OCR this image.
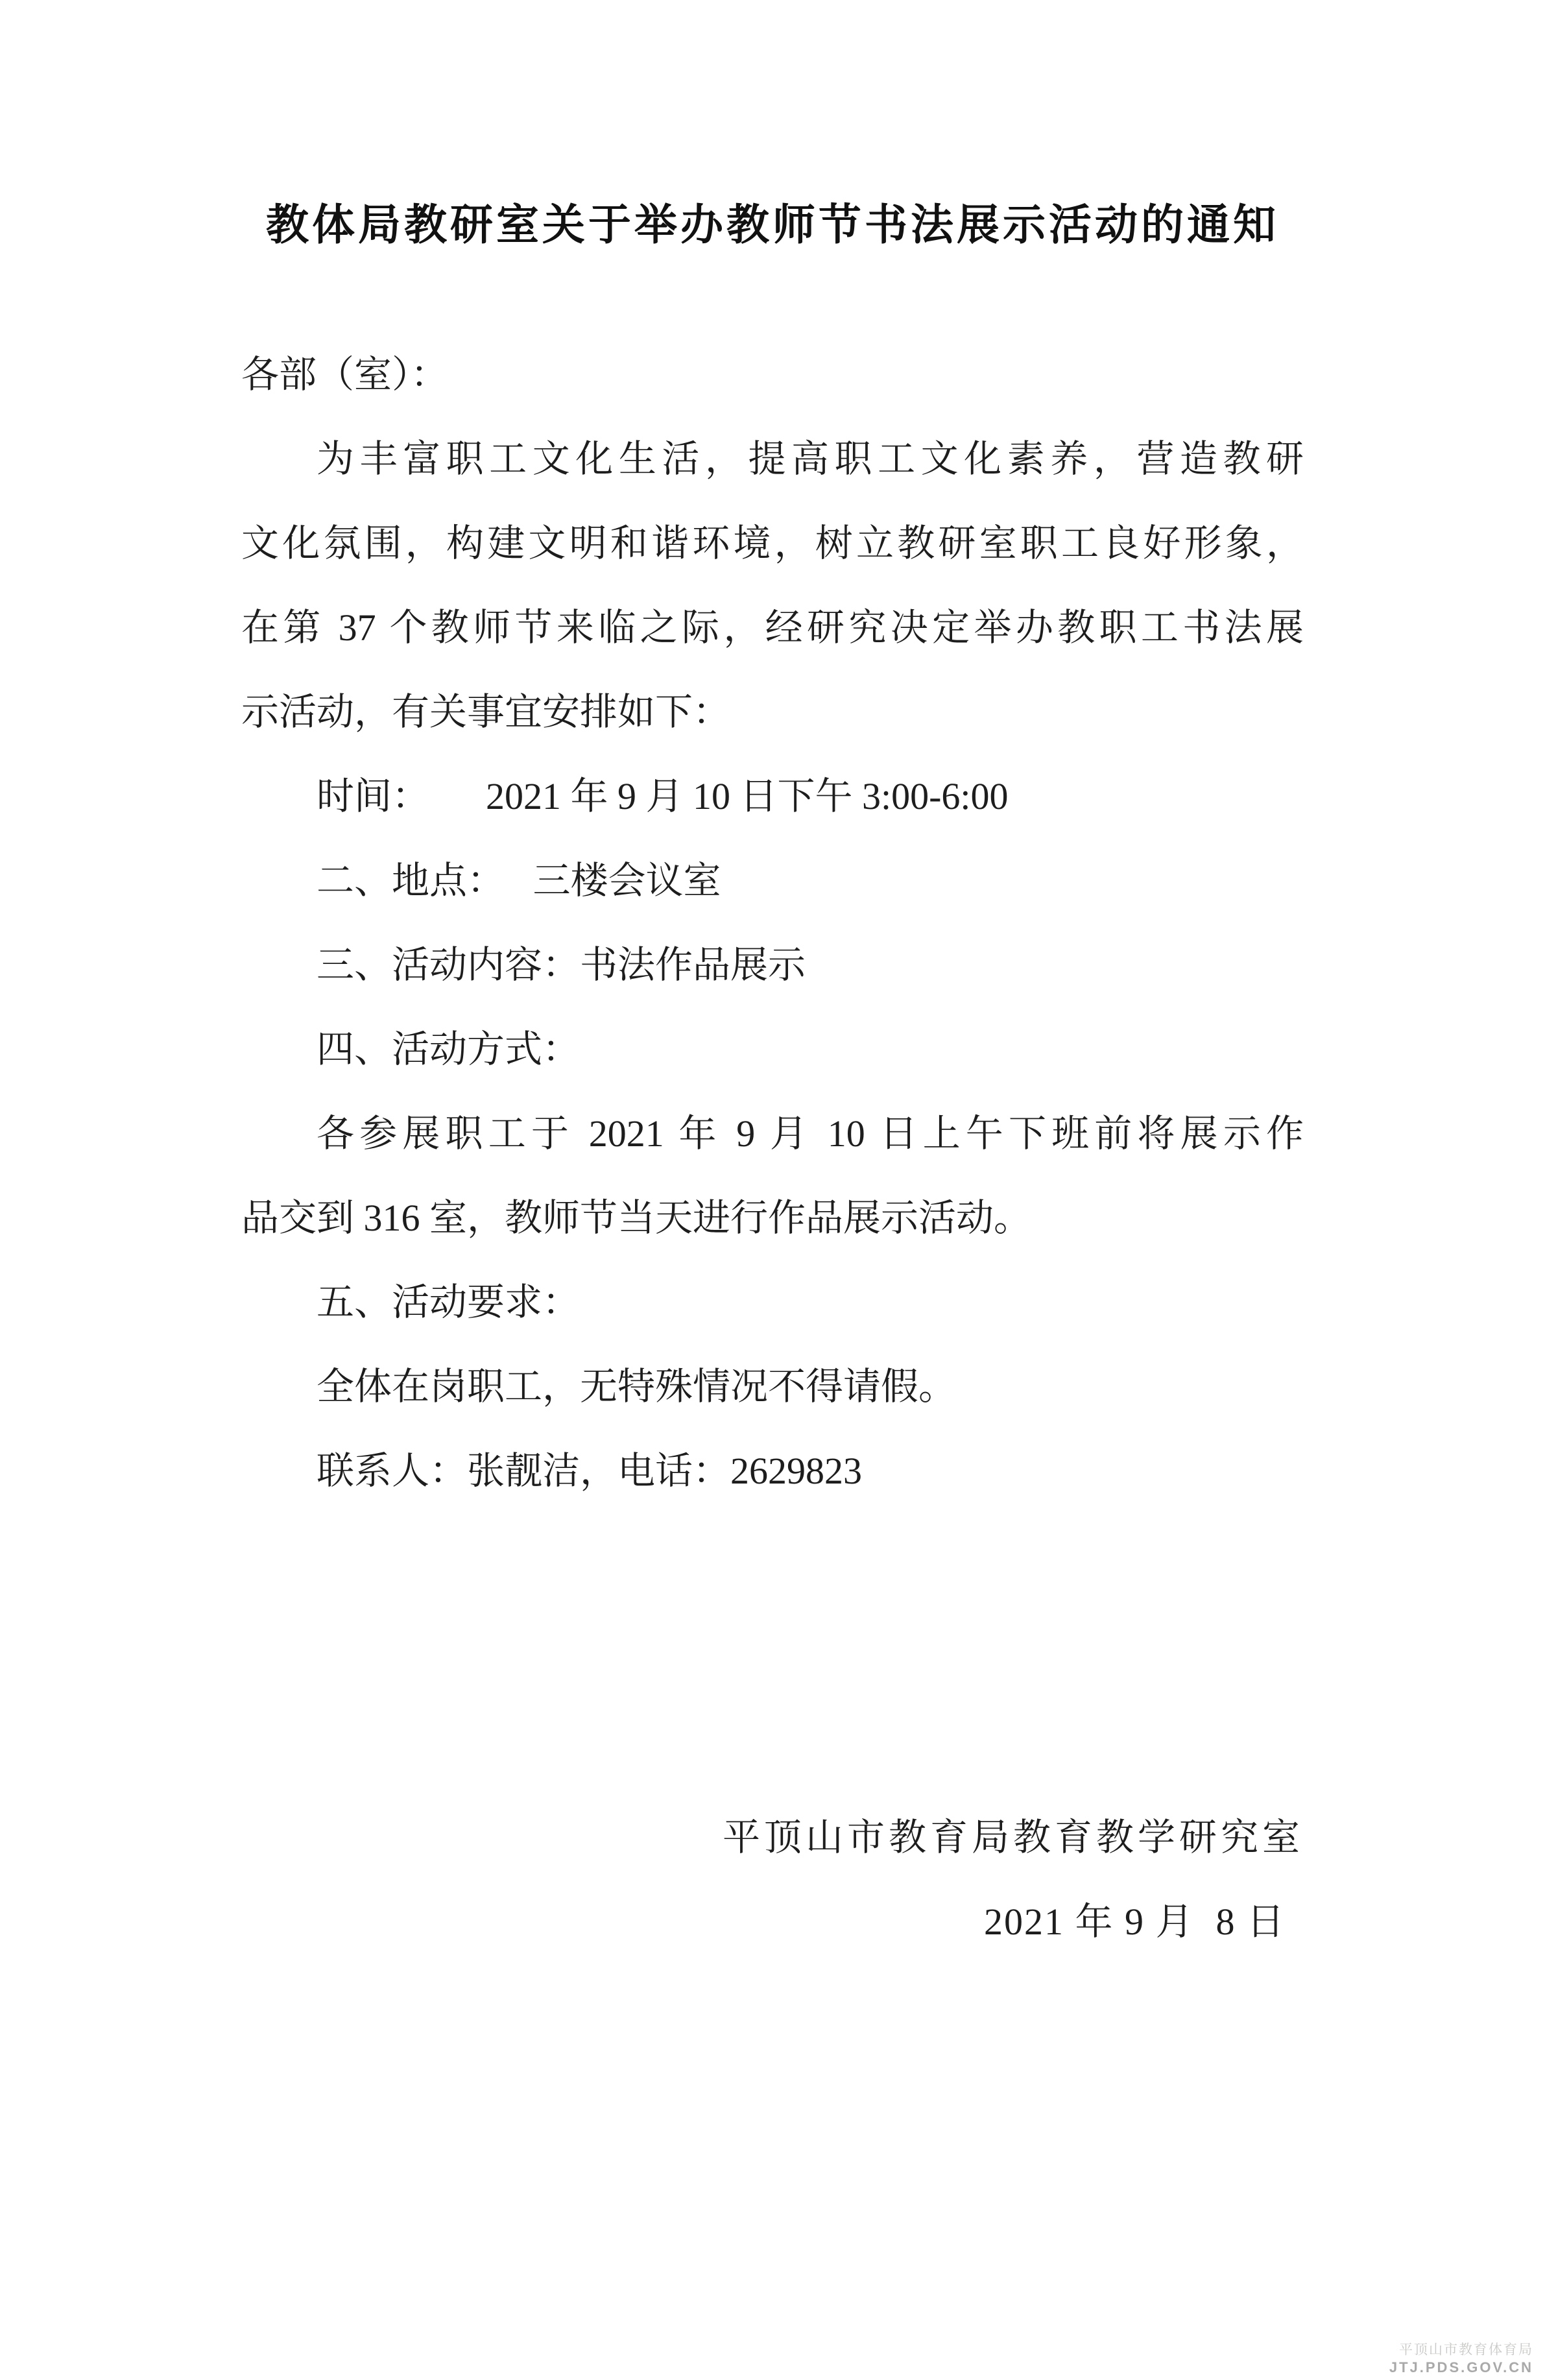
教体局教研室关于举办教师节书法展示活动的通知
各部（室）：
为丰富职工文化生活，提高职工文化素养，营造教研
文化氛围，构建文明和谐环境，树立教研室职工良好形象，
在第 37 个教师节来临之际，经研究决定举办教职工书法展
示活动，有关事宜安排如下：
时间：　　2021 年 9 月 10 日下午 3:00-6:00
二、地点：　 三楼会议室
三、活动内容：书法作品展示
四、活动方式：
各参展职工于 2021 年 9 月 10 日上午下班前将展示作
品交到 316 室，教师节当天进行作品展示活动。
五、活动要求：
全体在岗职工，无特殊情况不得请假。
联系人：张靓洁，电话：2629823
平顶山市教育局教育教学研究室
2021 年 9 月  8 日
平顶山市教育体育局
JTJ.PDS.GOV.CN
